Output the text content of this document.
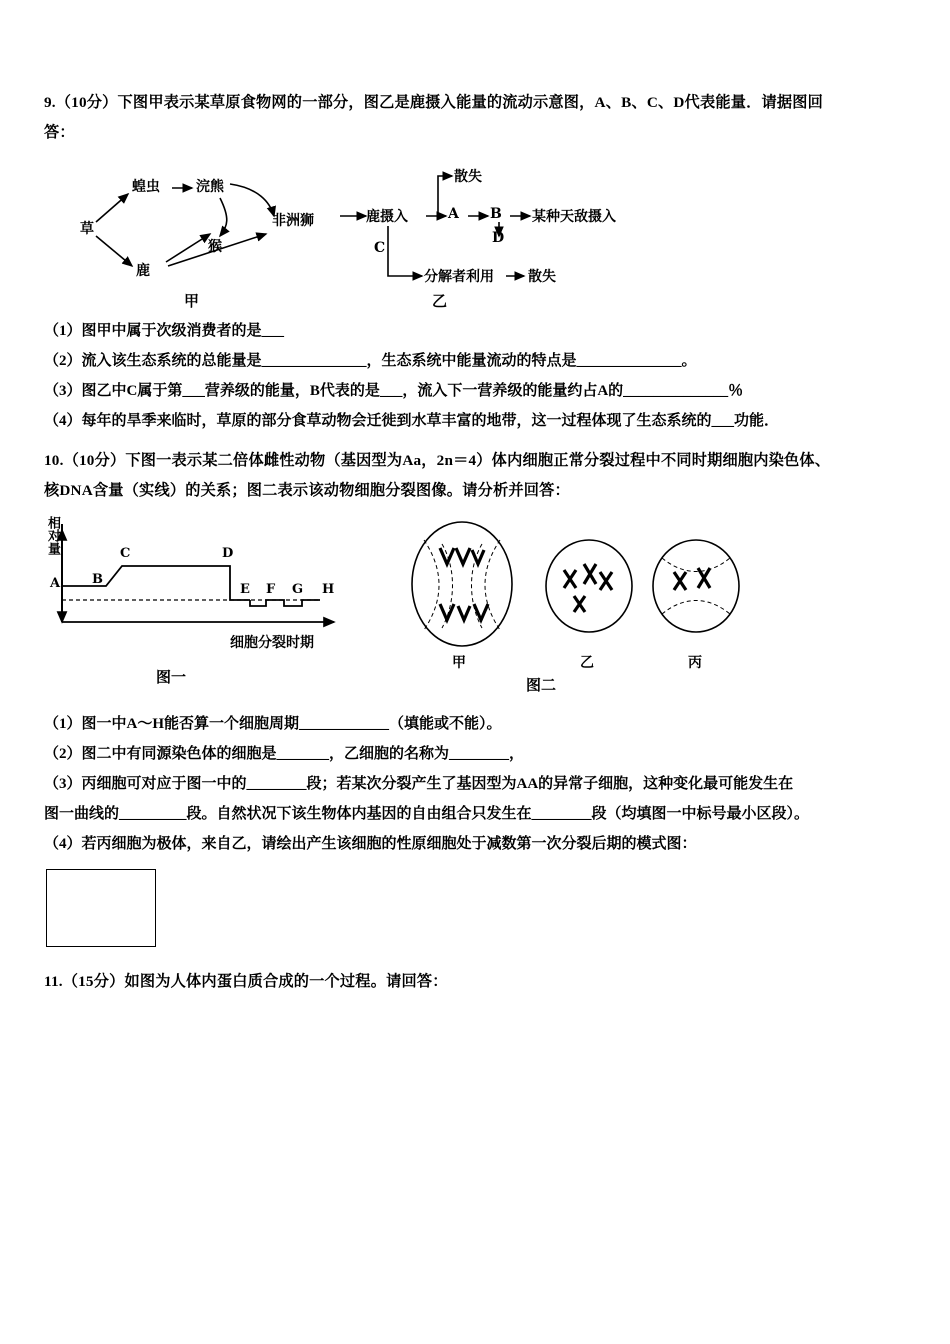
9.（10分）下图甲表示某草原食物网的一部分，图乙是鹿摄入能量的流动示意图，A、B、C、D代表能量．请据图回
答：
草
蝗虫	浣熊
猴
非洲狮
鹿
散失
鹿摄入	A B 某种天敌摄入
C
D
分解者利用 散失
甲	乙
（1）图甲中属于次级消费者的是___
（2）流入该生态系统的总能量是______________，生态系统中能量流动的特点是______________。
（3）图乙中C属于第___营养级的能量，B代表的是___，流入下一营养级的能量约占A的______________％
（4）每年的旱季来临时，草原的部分食草动物会迁徙到水草丰富的地带，这一过程体现了生态系统的___功能．
10.（10分）下图一表示某二倍体雌性动物（基因型为Aa，2n＝4）体内细胞正常分裂过程中不同时期细胞内染色体、
核DNA含量（实线）的关系；图二表示该动物细胞分裂图像。请分析并回答：
相对量
A B
C	D
E F G H
细胞分裂时期
图一
甲	乙	丙
图二
（1）图一中A～H能否算一个细胞周期____________（填能或不能）。
（2）图二中有同源染色体的细胞是_______，乙细胞的名称为________，
（3）丙细胞可对应于图一中的________段；若某次分裂产生了基因型为AA的异常子细胞，这种变化最可能发生在
图一曲线的_________段。自然状况下该生物体内基因的自由组合只发生在________段（均填图一中标号最小区段）。
（4）若丙细胞为极体，来自乙，请绘出产生该细胞的性原细胞处于减数第一次分裂后期的模式图：
11.（15分）如图为人体内蛋白质合成的一个过程。请回答：
